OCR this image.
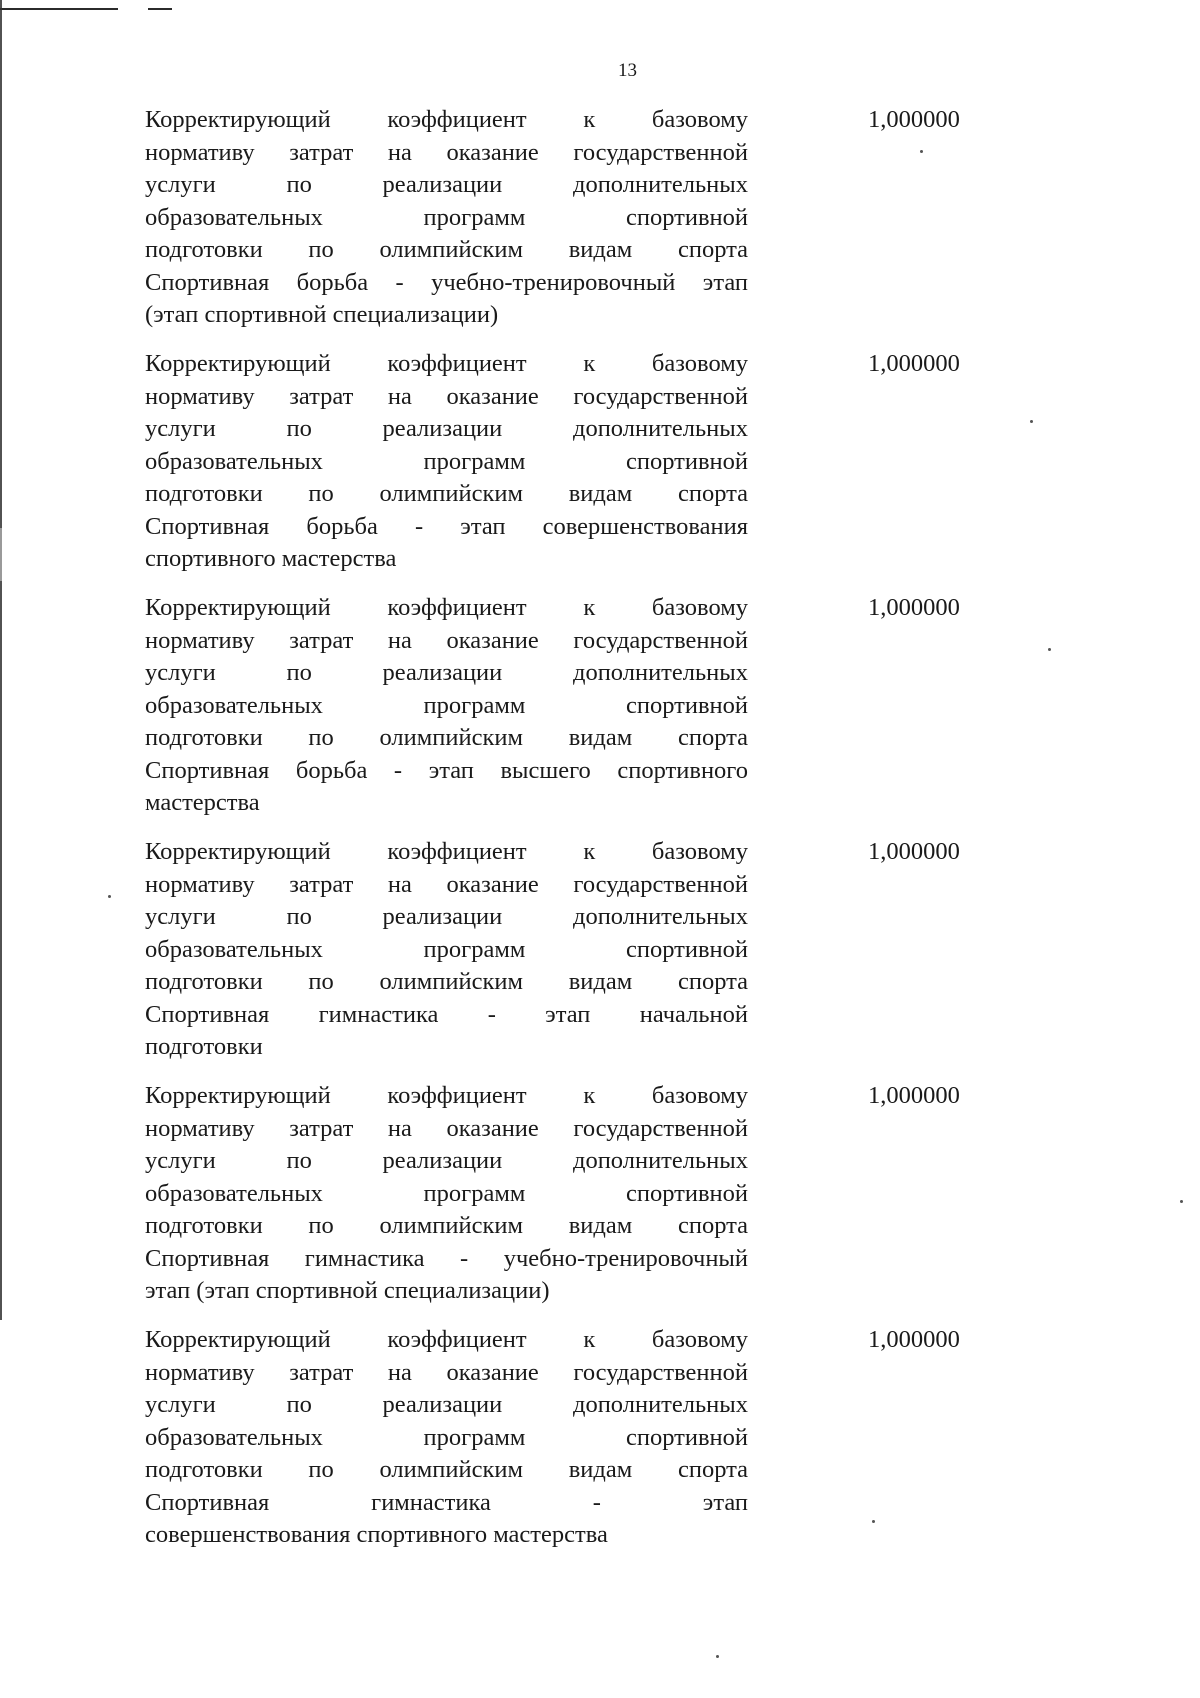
13
Корректирующий коэффициент к базовому
нормативу затрат на оказание государственной
услуги по реализации дополнительных
образовательных программ спортивной
подготовки по олимпийским видам спорта
Спортивная борьба - учебно-тренировочный этап
(этап спортивной специализации)
1,000000
Корректирующий коэффициент к базовому
нормативу затрат на оказание государственной
услуги по реализации дополнительных
образовательных программ спортивной
подготовки по олимпийским видам спорта
Спортивная борьба - этап совершенствования
спортивного мастерства
1,000000
Корректирующий коэффициент к базовому
нормативу затрат на оказание государственной
услуги по реализации дополнительных
образовательных программ спортивной
подготовки по олимпийским видам спорта
Спортивная борьба - этап высшего спортивного
мастерства
1,000000
Корректирующий коэффициент к базовому
нормативу затрат на оказание государственной
услуги по реализации дополнительных
образовательных программ спортивной
подготовки по олимпийским видам спорта
Спортивная гимнастика - этап начальной
подготовки
1,000000
Корректирующий коэффициент к базовому
нормативу затрат на оказание государственной
услуги по реализации дополнительных
образовательных программ спортивной
подготовки по олимпийским видам спорта
Спортивная гимнастика - учебно-тренировочный
этап (этап спортивной специализации)
1,000000
Корректирующий коэффициент к базовому
нормативу затрат на оказание государственной
услуги по реализации дополнительных
образовательных программ спортивной
подготовки по олимпийским видам спорта
Спортивная гимнастика - этап
совершенствования спортивного мастерства
1,000000
